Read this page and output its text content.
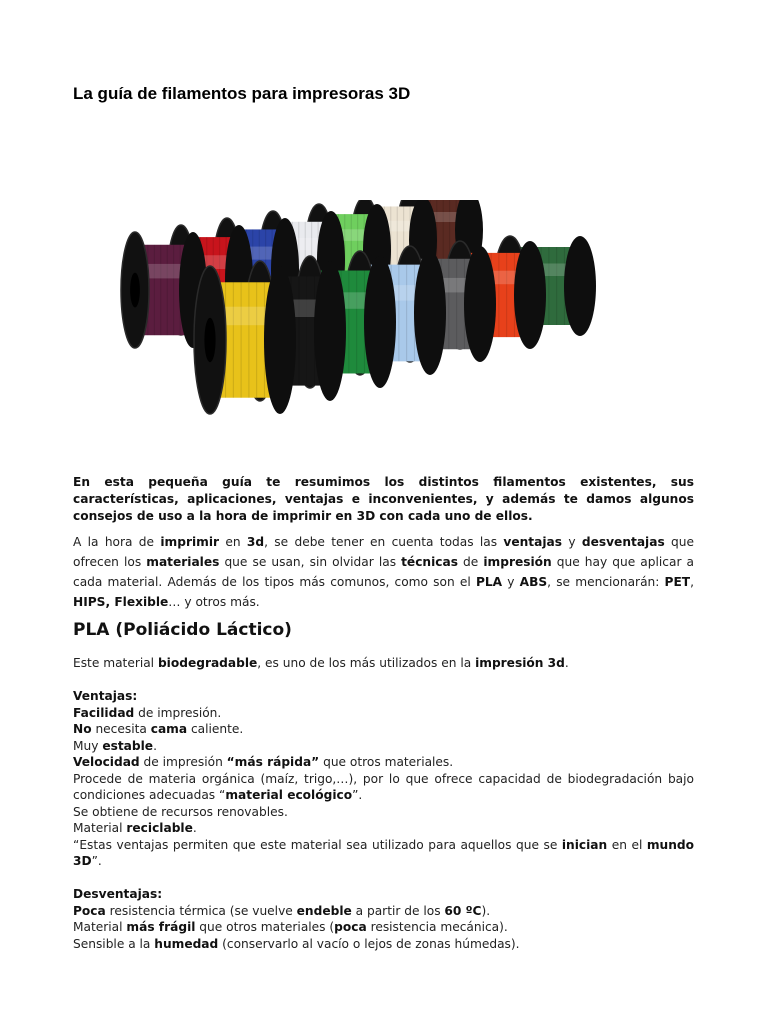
La guía de filamentos para impresoras 3D

En esta pequeña guía te resumimos los distintos filamentos existentes, sus características, aplicaciones, ventajas e inconvenientes, y además te damos algunos consejos de uso a la hora de imprimir en 3D con cada uno de ellos.

A la hora de imprimir en 3d, se debe tener en cuenta todas las ventajas y desventajas que ofrecen los materiales que se usan, sin olvidar las técnicas de impresión que hay que aplicar a cada material. Además de los tipos más comunos, como son el PLA y ABS, se mencionarán: PET, HIPS, Flexible… y otros más.

PLA (Poliácido Láctico)

Este material biodegradable, es uno de los más utilizados en la impresión 3d.

Ventajas:

Facilidad de impresión.

No necesita cama caliente.

Muy estable.

Velocidad de impresión “más rápida” que otros materiales.

Procede de materia orgánica (maíz, trigo,…), por lo que ofrece capacidad de biodegradación bajo condiciones adecuadas “material ecológico”.

Se obtiene de recursos renovables.

Material reciclable.

“Estas ventajas permiten que este material sea utilizado para aquellos que se inician en el mundo 3D”.

Desventajas:

Poca resistencia térmica (se vuelve endeble a partir de los 60 ºC).

Material más frágil que otros materiales (poca resistencia mecánica).

Sensible a la humedad (conservarlo al vacío o lejos de zonas húmedas).
